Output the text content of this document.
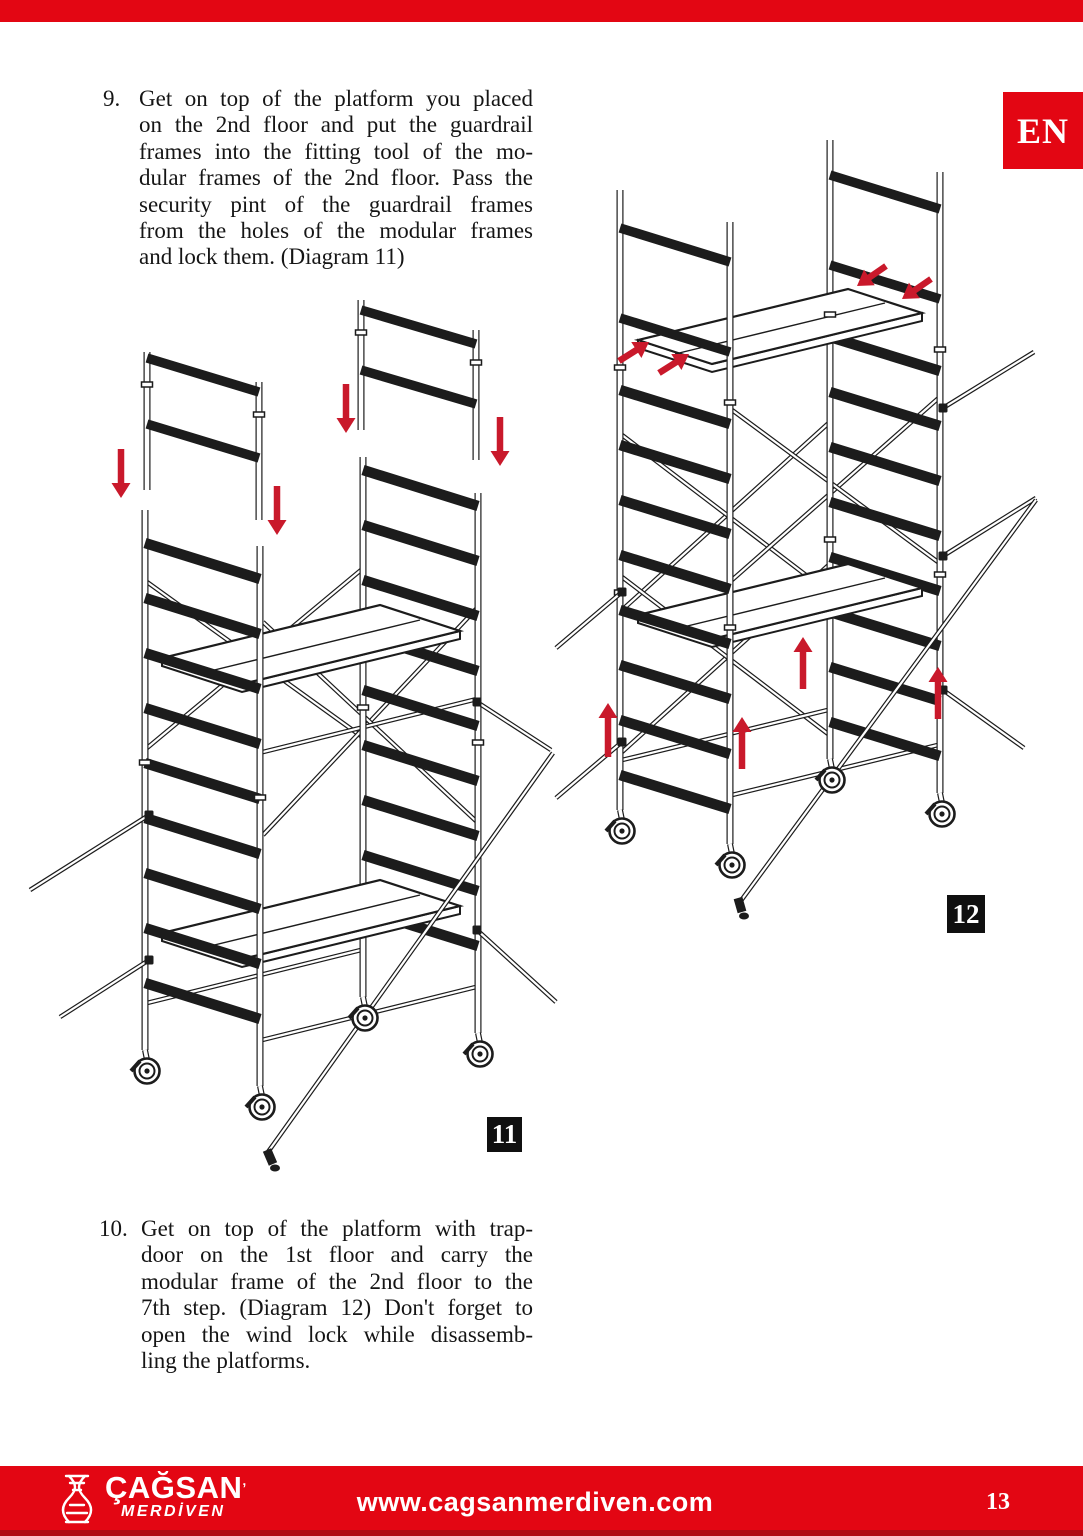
EN
9. Get on top of the platform you placed
on the 2nd floor and put the guardrail
frames into the fitting tool of the mo-
dular frames of the 2nd floor. Pass the
security pint of the guardrail frames
from the holes of the modular frames
and lock them. (Diagram 11)
11
12
10. Get on top of the platform with trap-
door on the 1st floor and carry the
modular frame of the 2nd floor to the
7th step. (Diagram 12) Don't forget to
open the wind lock while disassemb-
ling the platforms.
$ÇAĞSAN^ʼ$
MERDİVEN	www.cagsanmerdiven.com	13
